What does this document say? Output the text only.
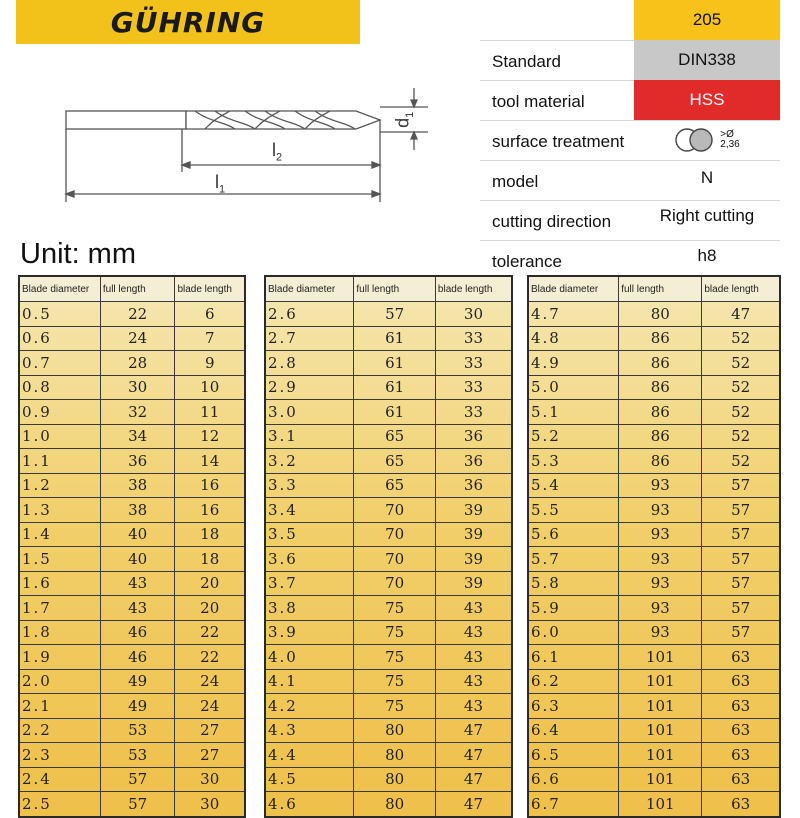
GÜHRING
$d_1$
$l_2$
$l_1$
205
Standard	DIN338
tool material	HSS
surface treatment	>Ø
2,36
model	N
cutting direction	Right cutting
tolerance	h8
Unit: mm
Blade diameter	full length	blade length
0.5	22	6
0.6	24	7
0.7	28	9
0.8	30	10
0.9	32	11
1.0	34	12
1.1	36	14
1.2	38	16
1.3	38	16
1.4	40	18
1.5	40	18
1.6	43	20
1.7	43	20
1.8	46	22
1.9	46	22
2.0	49	24
2.1	49	24
2.2	53	27
2.3	53	27
2.4	57	30
2.5	57	30
Blade diameter	full length	blade length
2.6	57	30
2.7	61	33
2.8	61	33
2.9	61	33
3.0	61	33
3.1	65	36
3.2	65	36
3.3	65	36
3.4	70	39
3.5	70	39
3.6	70	39
3.7	70	39
3.8	75	43
3.9	75	43
4.0	75	43
4.1	75	43
4.2	75	43
4.3	80	47
4.4	80	47
4.5	80	47
4.6	80	47
Blade diameter	full length	blade length
4.7	80	47
4.8	86	52
4.9	86	52
5.0	86	52
5.1	86	52
5.2	86	52
5.3	86	52
5.4	93	57
5.5	93	57
5.6	93	57
5.7	93	57
5.8	93	57
5.9	93	57
6.0	93	57
6.1	101	63
6.2	101	63
6.3	101	63
6.4	101	63
6.5	101	63
6.6	101	63
6.7	101	63
